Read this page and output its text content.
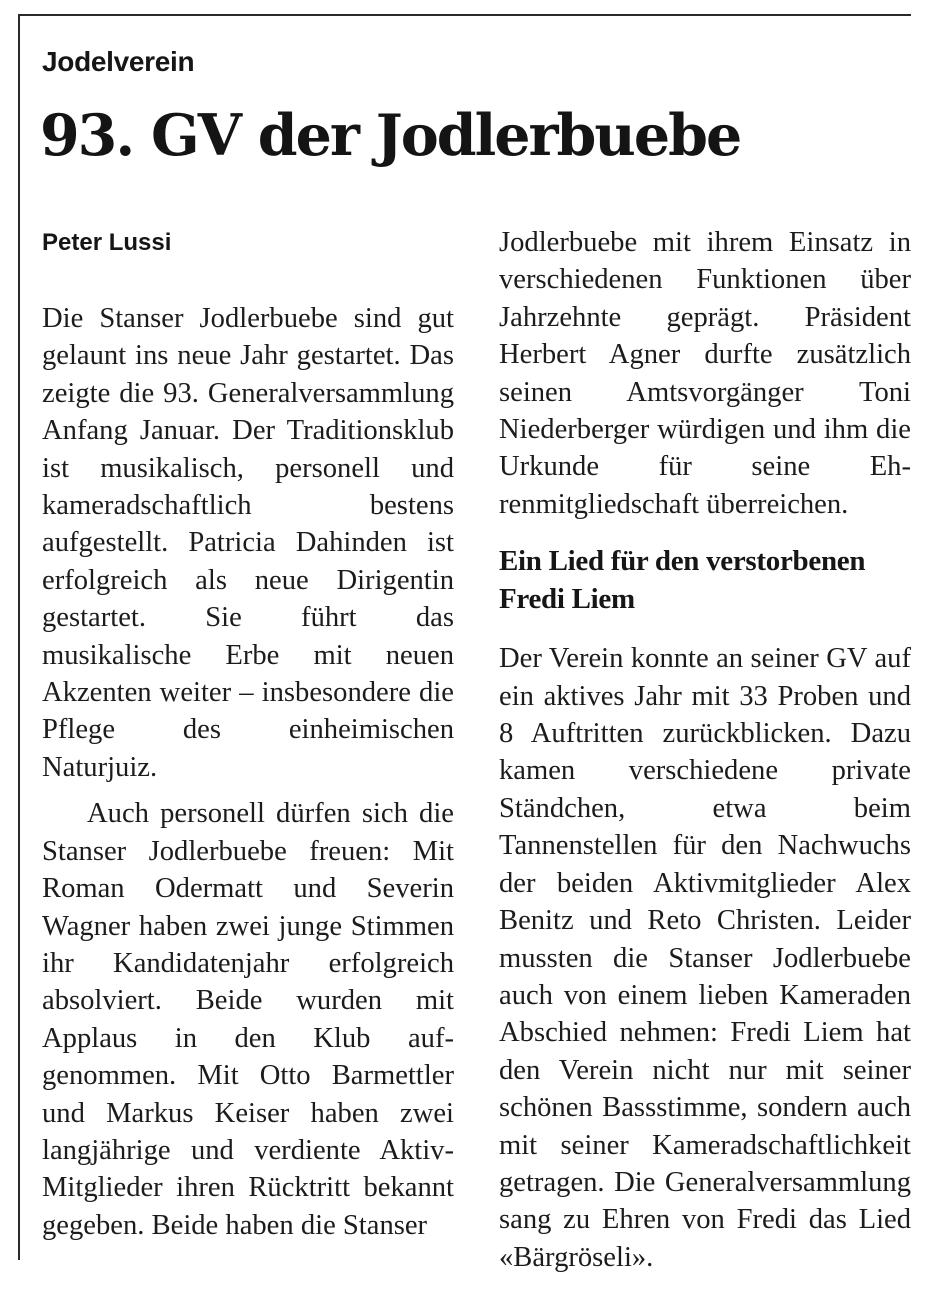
Jodelverein
93. GV der Jodlerbuebe
Peter Lussi

Die Stanser Jodlerbuebe sind gut gelaunt ins neue Jahr gestartet. Das zeigte die 93. Generalversammlung Anfang Januar. Der Traditionsklub ist musikalisch, personell und kameradschaftlich bestens aufgestellt. Patricia Dahinden ist erfolgreich als neue Dirigentin gestartet. Sie führt das musikalische Erbe mit neuen Akzenten weiter – insbesondere die Pflege des einheimischen Naturjuiz.

Auch personell dürfen sich die Stanser Jodlerbuebe freuen: Mit Roman Odermatt und Severin Wagner haben zwei junge Stimmen ihr Kandidatenjahr erfolgreich absolviert. Beide wurden mit Applaus in den Klub aufgenommen. Mit Otto Barmettler und Markus Keiser haben zwei langjährige und verdiente Aktiv-Mitglieder ihren Rücktritt bekannt gegeben. Beide haben die Stanser

Jodlerbuebe mit ihrem Einsatz in verschiedenen Funktionen über Jahrzehnte geprägt. Präsident Herbert Agner durfte zusätzlich seinen Amtsvorgänger Toni Niederberger würdigen und ihm die Urkunde für seine Ehrenmitgliedschaft überreichen.

Ein Lied für den verstorbenen Fredi Liem

Der Verein konnte an seiner GV auf ein aktives Jahr mit 33 Proben und 8 Auftritten zurückblicken. Dazu kamen verschiedene private Ständchen, etwa beim Tannenstellen für den Nachwuchs der beiden Aktivmitglieder Alex Benitz und Reto Christen. Leider mussten die Stanser Jodlerbuebe auch von einem lieben Kameraden Abschied nehmen: Fredi Liem hat den Verein nicht nur mit seiner schönen Bassstimme, sondern auch mit seiner Kameradschaftlichkeit getragen. Die Generalversammlung sang zu Ehren von Fredi das Lied «Bärgröseli».
